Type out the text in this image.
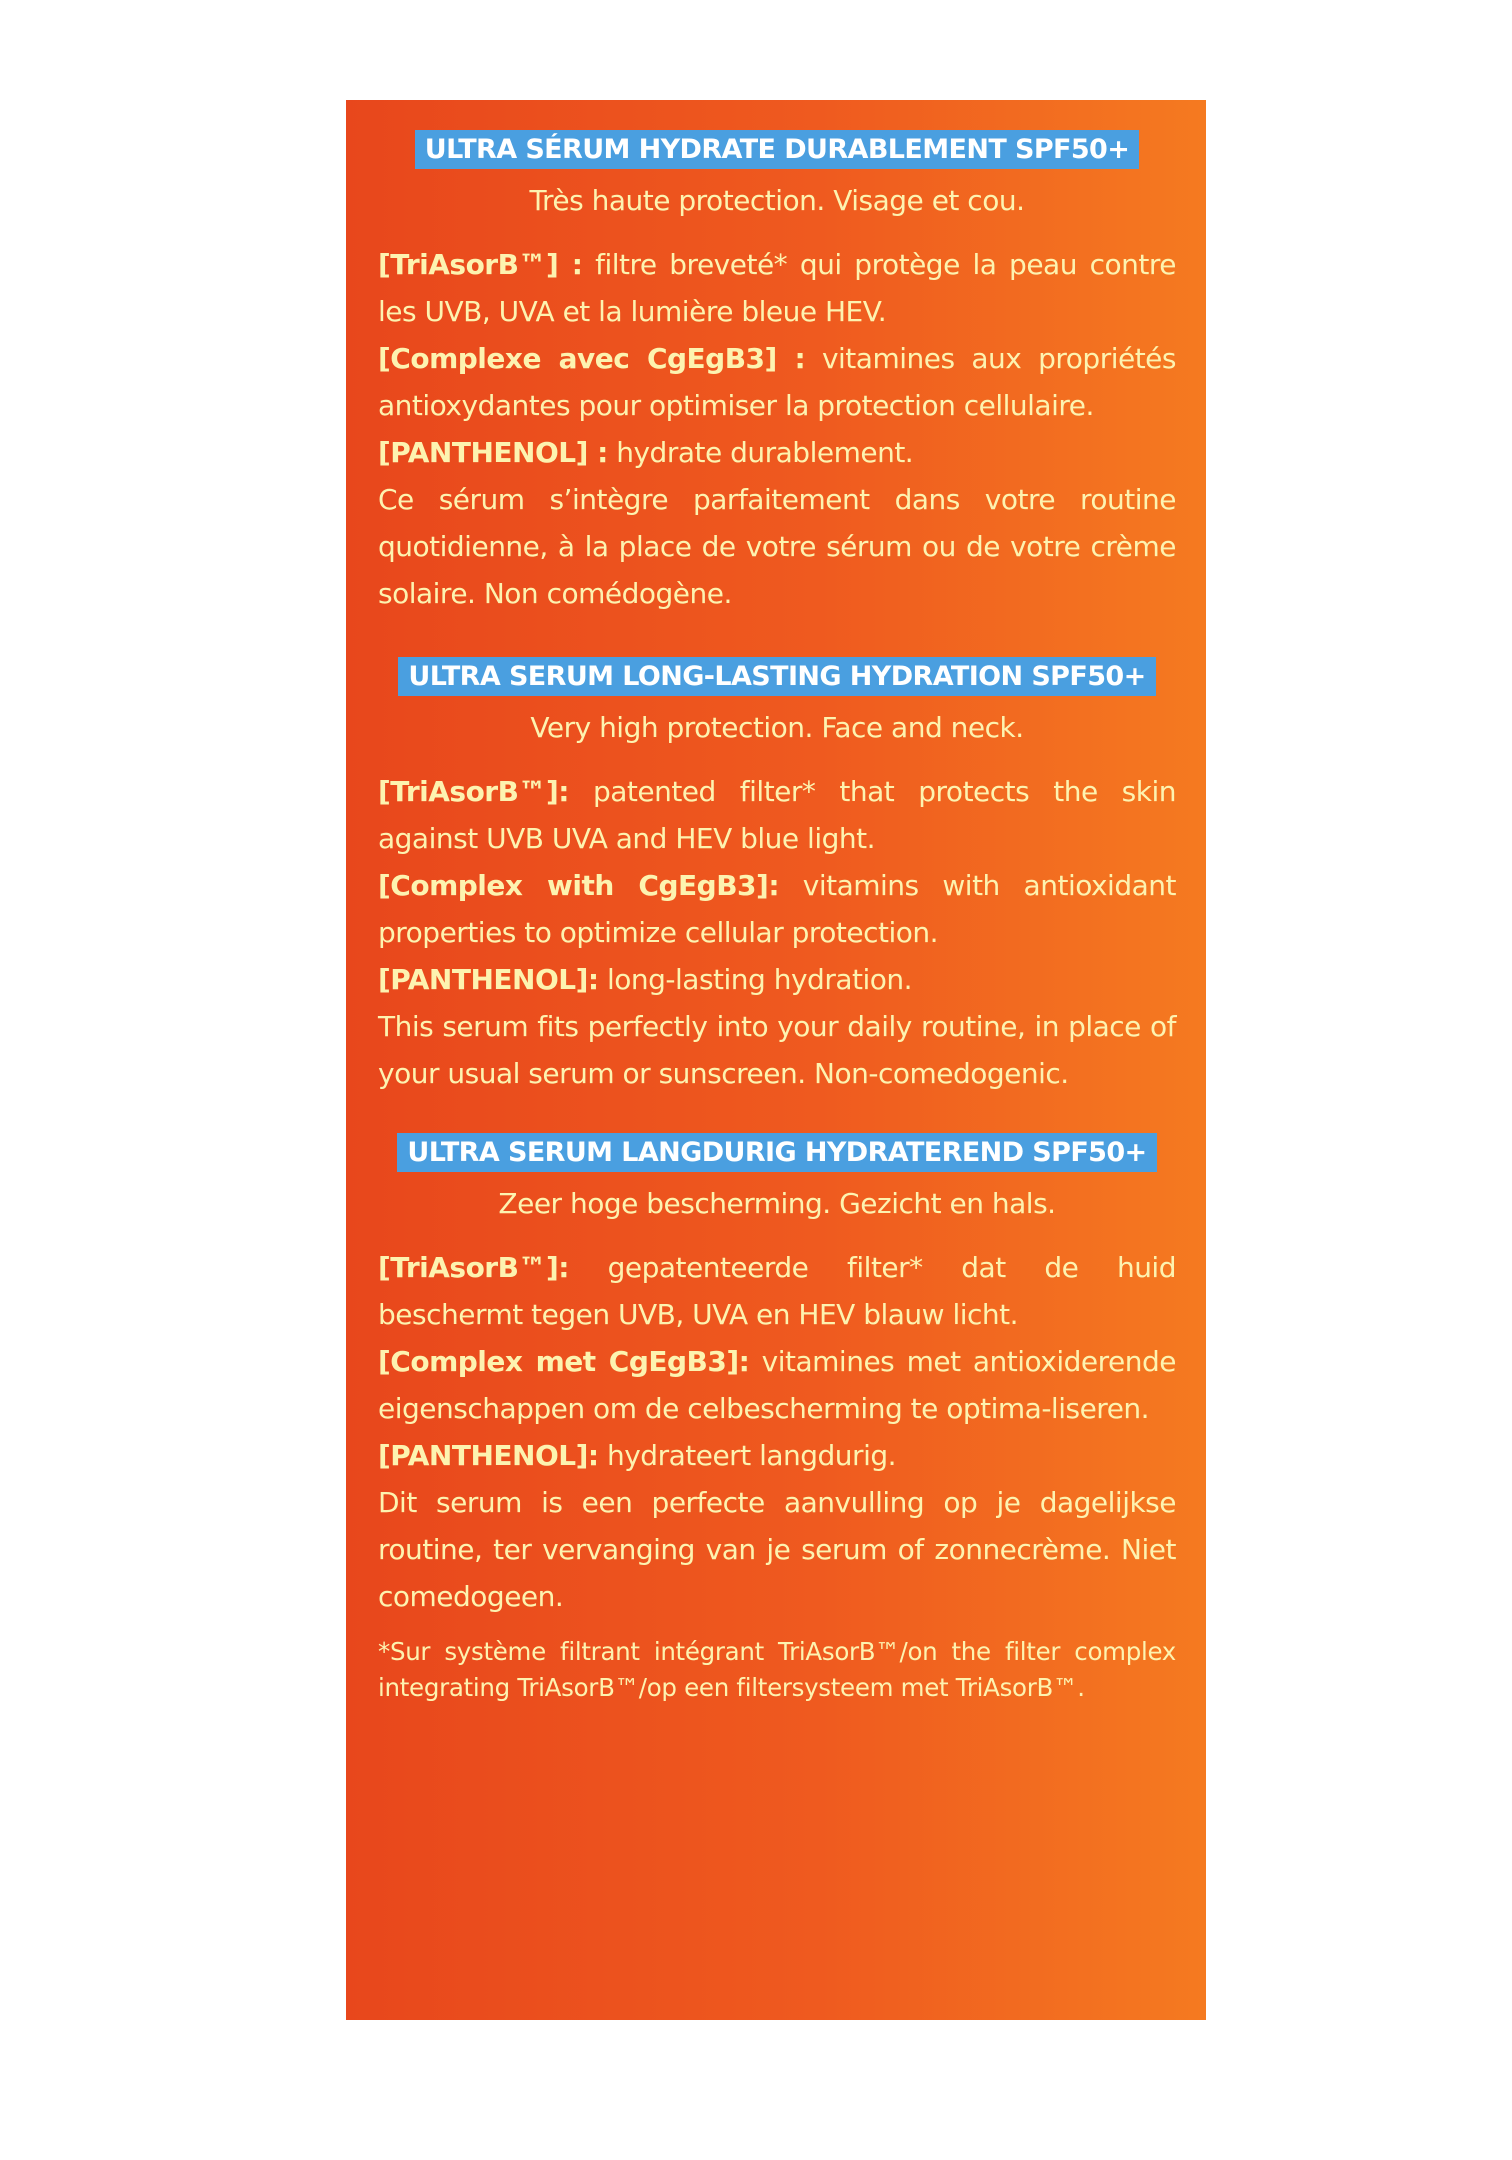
ULTRA SÉRUM HYDRATE DURABLEMENT SPF50+
Très haute protection. Visage et cou.

[TriAsorB™] : filtre breveté* qui protège la peau contre les UVB, UVA et la lumière bleue HEV.

[Complexe avec CgEgB3] : vitamines aux propriétés antioxydantes pour optimiser la protection cellulaire.

[PANTHENOL] : hydrate durablement.

Ce sérum s’intègre parfaitement dans votre routine quotidienne, à la place de votre sérum ou de votre crème solaire. Non comédogène.

ULTRA SERUM LONG-LASTING HYDRATION SPF50+
Very high protection. Face and neck.

[TriAsorB™]: patented filter* that protects the skin against UVB UVA and HEV blue light.

[Complex with CgEgB3]: vitamins with antioxidant properties to optimize cellular protection.

[PANTHENOL]: long-lasting hydration.

This serum fits perfectly into your daily routine, in place of your usual serum or sunscreen. Non-comedogenic.

ULTRA SERUM LANGDURIG HYDRATEREND SPF50+
Zeer hoge bescherming. Gezicht en hals.

[TriAsorB™]: gepatenteerde filter* dat de huid beschermt tegen UVB, UVA en HEV blauw licht.

[Complex met CgEgB3]: vitamines met antioxiderende eigenschappen om de celbescherming te optima-liseren.

[PANTHENOL]: hydrateert langdurig.

Dit serum is een perfecte aanvulling op je dagelijkse routine, ter vervanging van je serum of zonnecrème. Niet comedogeen.

*Sur système filtrant intégrant TriAsorB™/on the filter complex integrating TriAsorB™/op een filtersysteem met TriAsorB™.
